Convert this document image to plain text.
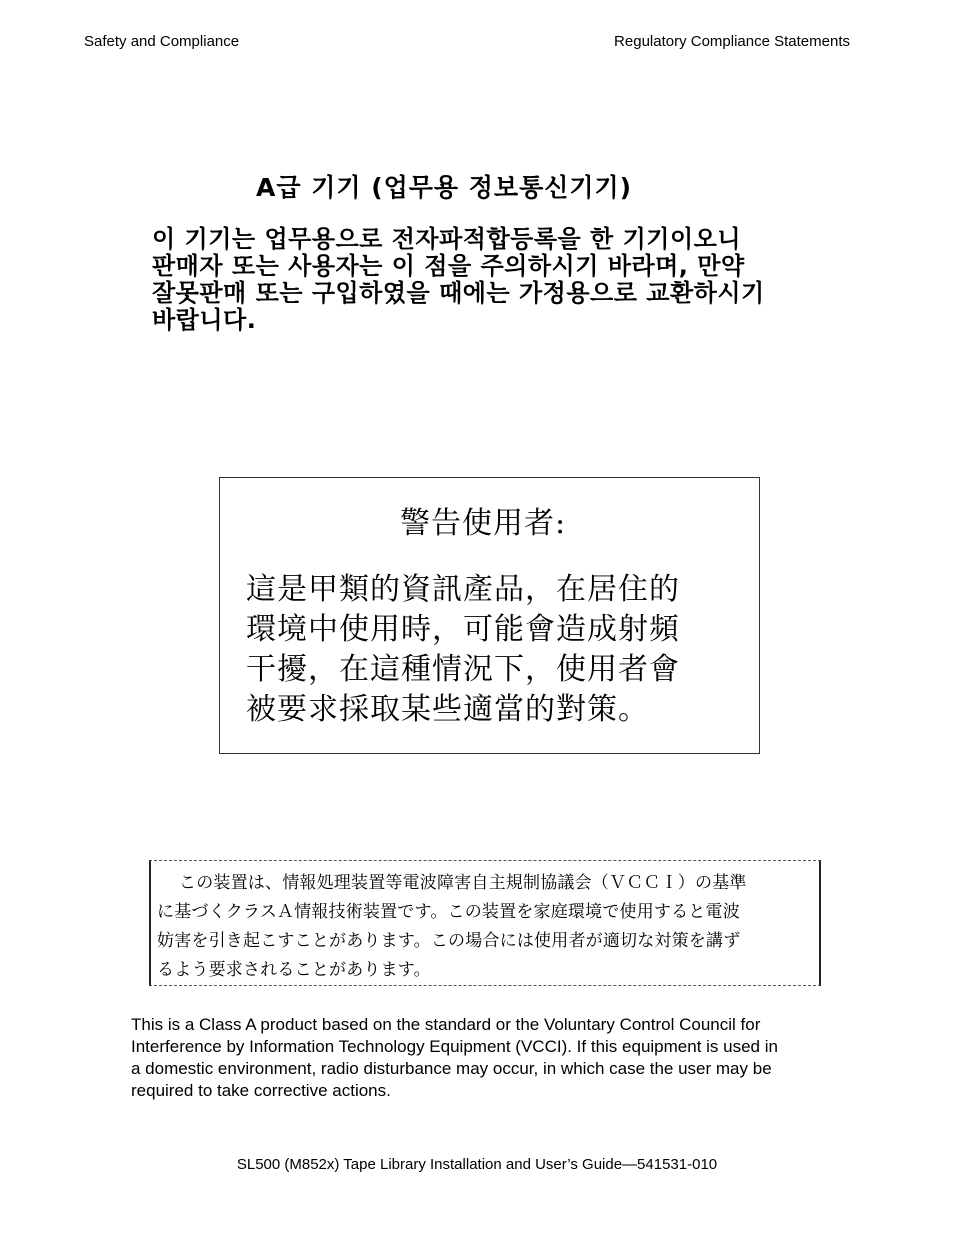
Safety and Compliance	Regulatory Compliance Statements

A급 기기 (업무용 정보통신기기)

이 기기는 업무용으로 전자파적합등록을 한 기기이오니
판매자 또는 사용자는 이 점을 주의하시기 바라며, 만약
잘못판매 또는 구입하였을 때에는 가정용으로 교환하시기
바랍니다.

警告使用者:
這是甲類的資訊產品，在居住的
環境中使用時，可能會造成射頻
干擾，在這種情況下，使用者會
被要求採取某些適當的對策。
この装置は、情報処理装置等電波障害自主規制協議会（ＶＣＣＩ）の基準
に基づくクラスＡ情報技術装置です。この装置を家庭環境で使用すると電波
妨害を引き起こすことがあります。この場合には使用者が適切な対策を講ず
るよう要求されることがあります。
This is a Class A product based on the standard or the Voluntary Control Council for
Interference by Information Technology Equipment (VCCI). If this equipment is used in
a domestic environment, radio disturbance may occur, in which case the user may be
required to take corrective actions.
SL500 (M852x) Tape Library Installation and User’s Guide—541531-010
